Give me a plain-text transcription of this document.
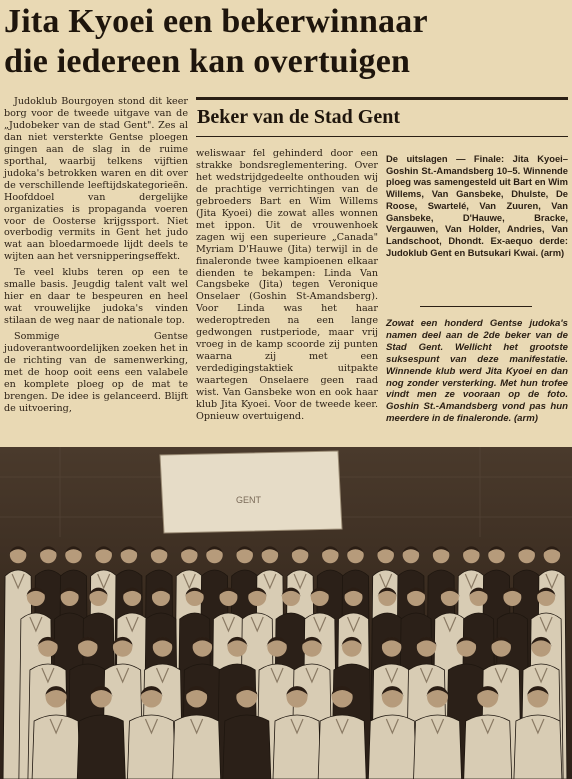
Jita Kyoei een bekerwinnaar
die iedereen kan overtuigen

Judoklub Bourgoyen stond dit keer borg voor de tweede uitgave van de „Judobeker van de stad Gent". Zes al dan niet versterkte Gentse ploegen gingen aan de slag in de ruime sporthal, waarbij telkens vijftien judoka's betrokken waren en dit over de verschillende leeftijdskategorieën. Hoofddoel van dergelijke organizaties is propaganda voeren voor de Oosterse krijgssport. Niet overbodig vermits in Gent het judo wat aan bloedarmoede lijdt deels te wijten aan het versnipperingseffekt.

Te veel klubs teren op een te smalle basis. Jeugdig talent valt wel hier en daar te bespeuren en heel wat vrouwelijke judoka's vinden stilaan de weg naar de nationale top.

Sommige Gentse judoverantwoordelijken zoeken het in de richting van de samenwerking, met de hoop ooit eens een valabele en komplete ploeg op de mat te brengen. De idee is gelanceerd. Blijft de uitvoering,

Beker van de Stad Gent

weliswaar fel gehinderd door een strakke bondsreglementering. Over het wedstrijdgedeelte onthouden wij de prachtige verrichtingen van de gebroeders Bart en Wim Willems (Jita Kyoei) die zowat alles wonnen met ippon. Uit de vrouwenhoek zagen wij een superieure „Canada" Myriam D'Hauwe (Jita) terwijl in de finaleronde twee kampioenen elkaar dienden te bekampen: Linda Van Cangsbeke (Jita) tegen Veronique Onselaer (Goshin St-Amandsberg). Voor Linda was het haar wederoptreden na een lange gedwongen rustperiode, maar vrij vroeg in de kamp scoorde zij punten waarna zij met een verdedigingstaktiek uitpakte waartegen Onselaere geen raad wist. Van Gansbeke won en ook haar klub Jita Kyoei. Voor de tweede keer. Opnieuw overtuigend.

De uitslagen — Finale: Jita Kyoei–Goshin St.-Amandsberg 10–5. Winnende ploeg was samengesteld uit Bart en Wim Willems, Van Gansbeke, Dhulste, De Roose, Swartelé, Van Zuuren, Van Gansbeke, D'Hauwe, Bracke, Vergauwen, Van Holder, Andries, Van Landschoot, Dhondt. Ex-aequo derde: Judoklub Gent en Butsukari Kwai. (arm)
Zowat een honderd Gentse judoka's namen deel aan de 2de beker van de Stad Gent. Wellicht het grootste suksespunt van deze manifestatie. Winnende klub werd Jita Kyoei en dan nog zonder versterking. Met hun trofee vindt men ze vooraan op de foto. Goshin St.-Amandsberg vond pas hun meerdere in de finaleronde. (arm)
GENT
